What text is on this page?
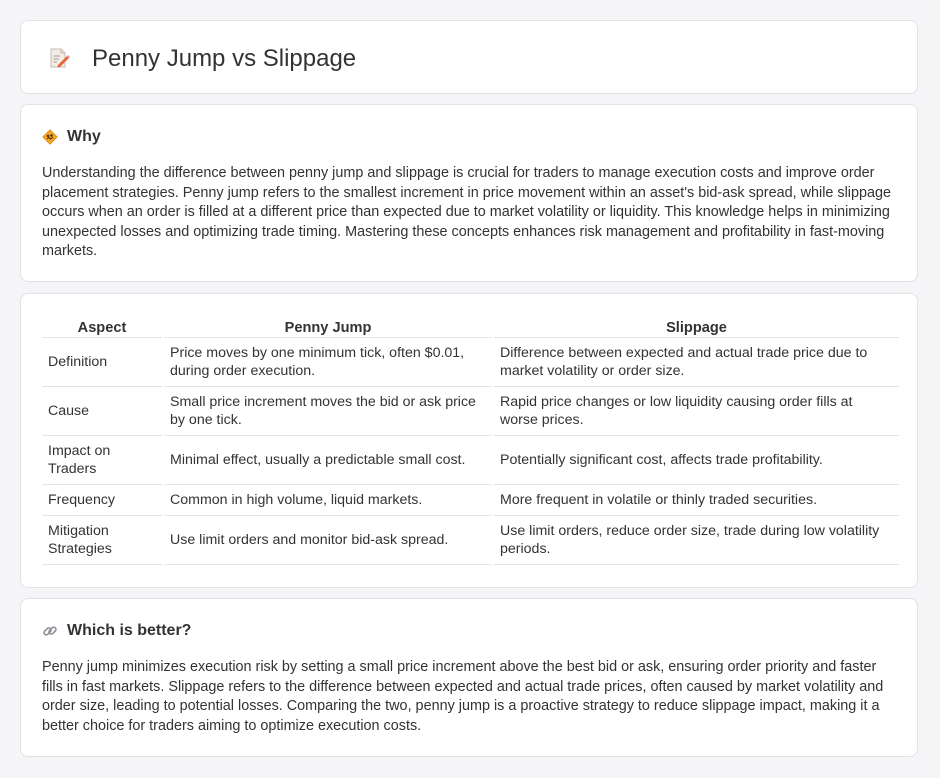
Penny Jump vs Slippage
Why

Understanding the difference between penny jump and slippage is crucial for traders to manage execution costs and improve order placement strategies. Penny jump refers to the smallest increment in price movement within an asset's bid-ask spread, while slippage occurs when an order is filled at a different price than expected due to market volatility or liquidity. This knowledge helps in minimizing unexpected losses and optimizing trade timing. Mastering these concepts enhances risk management and profitability in fast-moving markets.

Aspect	Penny Jump	Slippage
Definition	Price moves by one minimum tick, often $0.01, during order execution.	Difference between expected and actual trade price due to market volatility or order size.
Cause	Small price increment moves the bid or ask price by one tick.	Rapid price changes or low liquidity causing order fills at worse prices.
Impact on Traders	Minimal effect, usually a predictable small cost.	Potentially significant cost, affects trade profitability.
Frequency	Common in high volume, liquid markets.	More frequent in volatile or thinly traded securities.
Mitigation Strategies	Use limit orders and monitor bid-ask spread.	Use limit orders, reduce order size, trade during low volatility periods.
Which is better?

Penny jump minimizes execution risk by setting a small price increment above the best bid or ask, ensuring order priority and faster fills in fast markets. Slippage refers to the difference between expected and actual trade prices, often caused by market volatility and order size, leading to potential losses. Comparing the two, penny jump is a proactive strategy to reduce slippage impact, making it a better choice for traders aiming to optimize execution costs.
